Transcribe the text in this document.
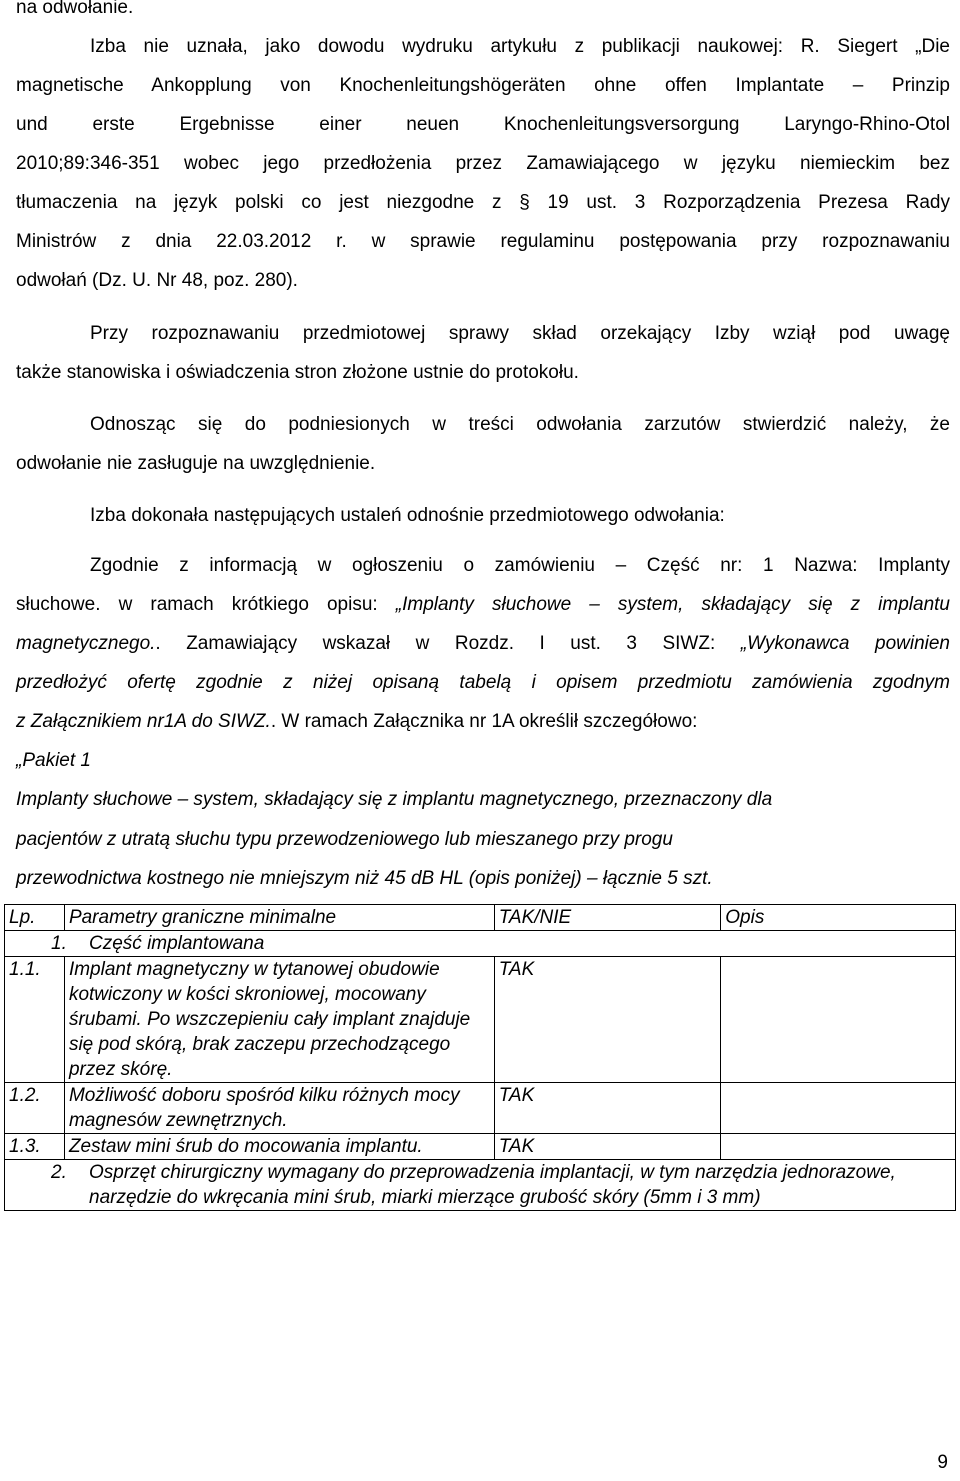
na odwołanie.
Izba nie uznała, jako dowodu wydruku artykułu z publikacji naukowej: R. Siegert „Die
magnetische Ankopplung von Knochenleitungshögeräten ohne offen Implantate – Prinzip
und erste Ergebnisse einer neuen Knochenleitungsversorgung Laryngo-Rhino-Otol
2010;89:346-351 wobec jego przedłożenia przez Zamawiającego w języku niemieckim bez
tłumaczenia na język polski co jest niezgodne z § 19 ust. 3 Rozporządzenia Prezesa Rady
Ministrów z dnia 22.03.2012 r. w sprawie regulaminu postępowania przy rozpoznawaniu
odwołań (Dz. U. Nr 48, poz. 280).
Przy rozpoznawaniu przedmiotowej sprawy skład orzekający Izby wziął pod uwagę
także stanowiska i oświadczenia stron złożone ustnie do protokołu.
Odnosząc się do podniesionych w treści odwołania zarzutów stwierdzić należy, że
odwołanie nie zasługuje na uwzględnienie.
Izba dokonała następujących ustaleń odnośnie przedmiotowego odwołania:
Zgodnie z informacją w ogłoszeniu o zamówieniu – Część nr: 1 Nazwa: Implanty
słuchowe. w ramach krótkiego opisu: „Implanty słuchowe – system, składający się z implantu
magnetycznego.. Zamawiający wskazał w Rozdz. I ust. 3 SIWZ: „Wykonawca powinien
przedłożyć ofertę zgodnie z niżej opisaną tabelą i opisem przedmiotu zamówienia zgodnym
z Załącznikiem nr1A do SIWZ.. W ramach Załącznika nr 1A określił szczegółowo:
„Pakiet 1
Implanty słuchowe – system, składający się z implantu magnetycznego, przeznaczony dla
pacjentów z utratą słuchu typu przewodzeniowego lub mieszanego przy progu
przewodnictwa kostnego nie mniejszym niż 45 dB HL (opis poniżej) – łącznie 5 szt.
Lp.	Parametry graniczne minimalne	TAK/NIE	Opis
1. Część implantowana			
1.1.	Implant magnetyczny w tytanowej obudowie kotwiczony w kości skroniowej, mocowany śrubami. Po wszczepieniu cały implant znajduje się pod skórą, brak zaczepu przechodzącego przez skórę.	TAK	
1.2.	Możliwość doboru spośród kilku różnych mocy magnesów zewnętrznych.	TAK	
1.3.	Zestaw mini śrub do mocowania implantu.	TAK	

2. Osprzęt chirurgiczny wymagany do przeprowadzenia implantacji, w tym narzędzia jednorazowe, narzędzie do wkręcania mini śrub, miarki mierzące grubość skóry (5mm i 3 mm)			
9
